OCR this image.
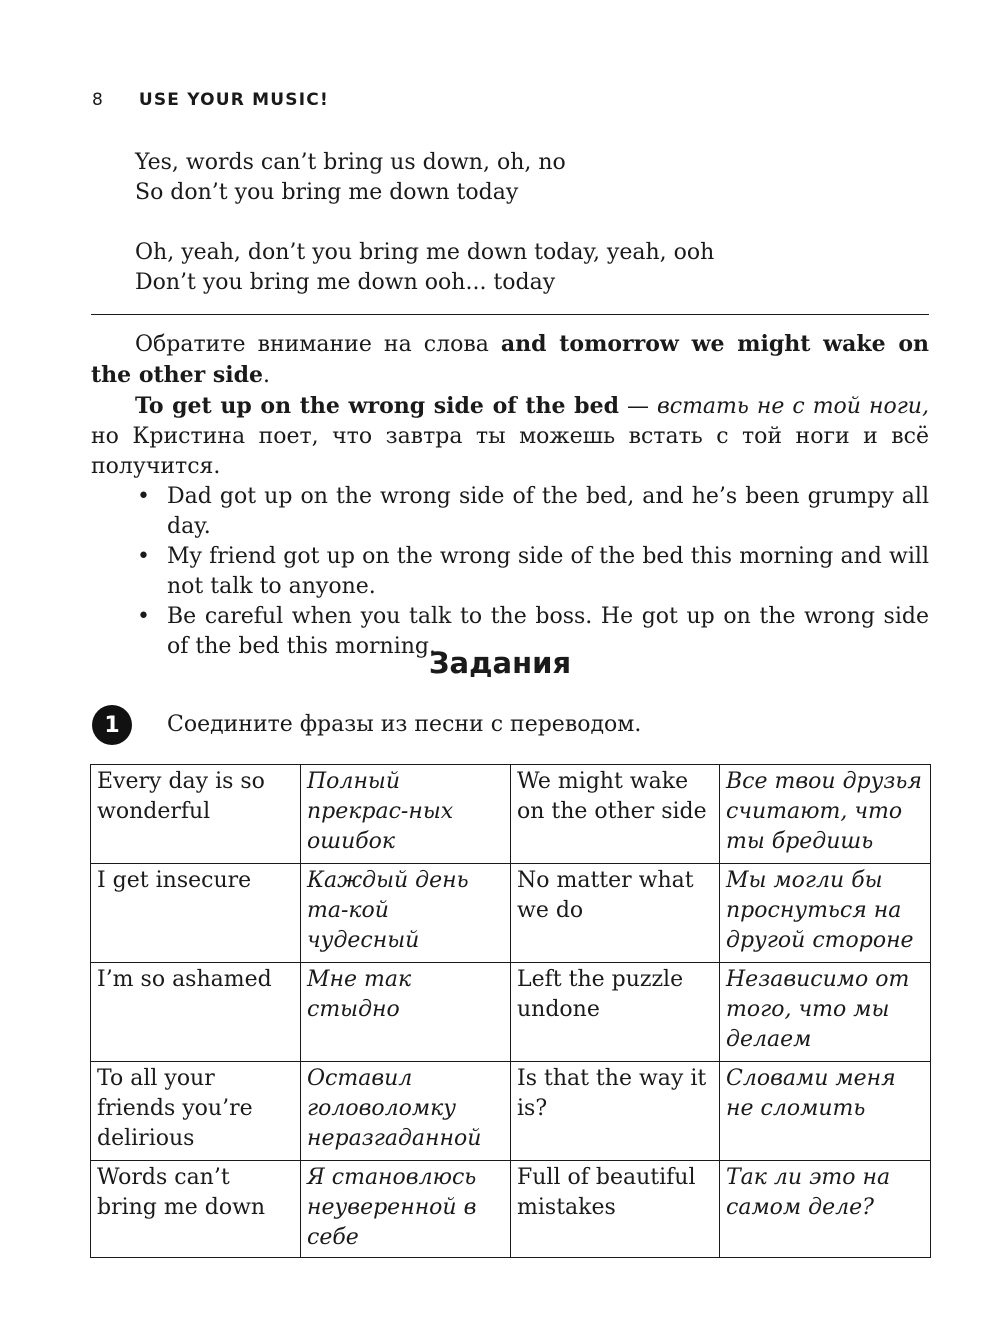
8 USE YOUR MUSIC!
Yes, words can’t bring us down, oh, no
So don’t you bring me down today
Oh, yeah, don’t you bring me down today, yeah, ooh
Don’t you bring me down ooh... today

Обратите внимание на слова and tomorrow we might wake on the other side.

To get up on the wrong side of the bed — встать не с той ноги, но Кристина поет, что завтра ты можешь встать с той ноги и всё получится.

• Dad got up on the wrong side of the bed, and he’s been grumpy all day.
• My friend got up on the wrong side of the bed this morning and will not talk to anyone.
• Be careful when you talk to the boss. He got up on the wrong side of the bed this morning.
Задания
1	Соедините фразы из песни с переводом.
Every day is so wonderful	Полный прекрас-ных ошибок	We might wake on the other side	Все твои друзья считают, что ты бредишь
I get insecure	Каждый день та-кой чудесный	No matter what we do	Мы могли бы проснуться на другой стороне
I’m so ashamed	Мне так стыдно	Left the puzzle undone	Независимо от того, что мы делаем
To all your friends you’re delirious	Оставил головоломку неразгаданной	Is that the way it is?	Словами меня не сломить
Words can’t bring me down	Я становлюсь неуверенной в себе	Full of beautiful mistakes	Так ли это на самом деле?
